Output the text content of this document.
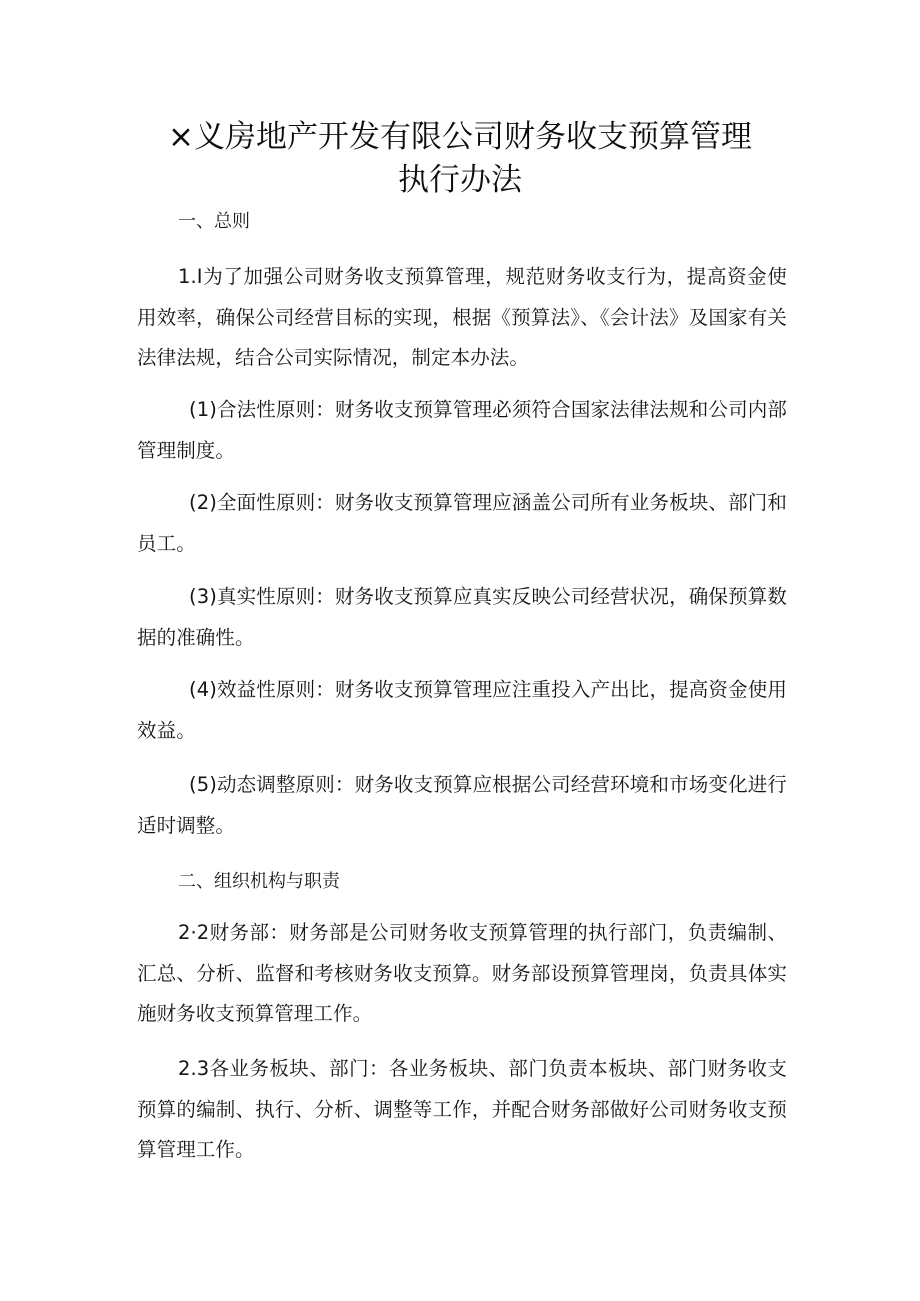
×义房地产开发有限公司财务收支预算管理
执行办法
一、总则
1.I为了加强公司财务收支预算管理，规范财务收支行为，提高资金使用效率，确保公司经营目标的实现，根据《预算法》、《会计法》及国家有关法律法规，结合公司实际情况，制定本办法。
(1)合法性原则：财务收支预算管理必须符合国家法律法规和公司内部管理制度。
(2)全面性原则：财务收支预算管理应涵盖公司所有业务板块、部门和员工。
(3)真实性原则：财务收支预算应真实反映公司经营状况，确保预算数据的准确性。
(4)效益性原则：财务收支预算管理应注重投入产出比，提高资金使用效益。
(5)动态调整原则：财务收支预算应根据公司经营环境和市场变化进行适时调整。
二、组织机构与职责
2·2财务部：财务部是公司财务收支预算管理的执行部门，负责编制、汇总、分析、监督和考核财务收支预算。财务部设预算管理岗，负责具体实施财务收支预算管理工作。
2.3各业务板块、部门：各业务板块、部门负责本板块、部门财务收支预算的编制、执行、分析、调整等工作，并配合财务部做好公司财务收支预算管理工作。
